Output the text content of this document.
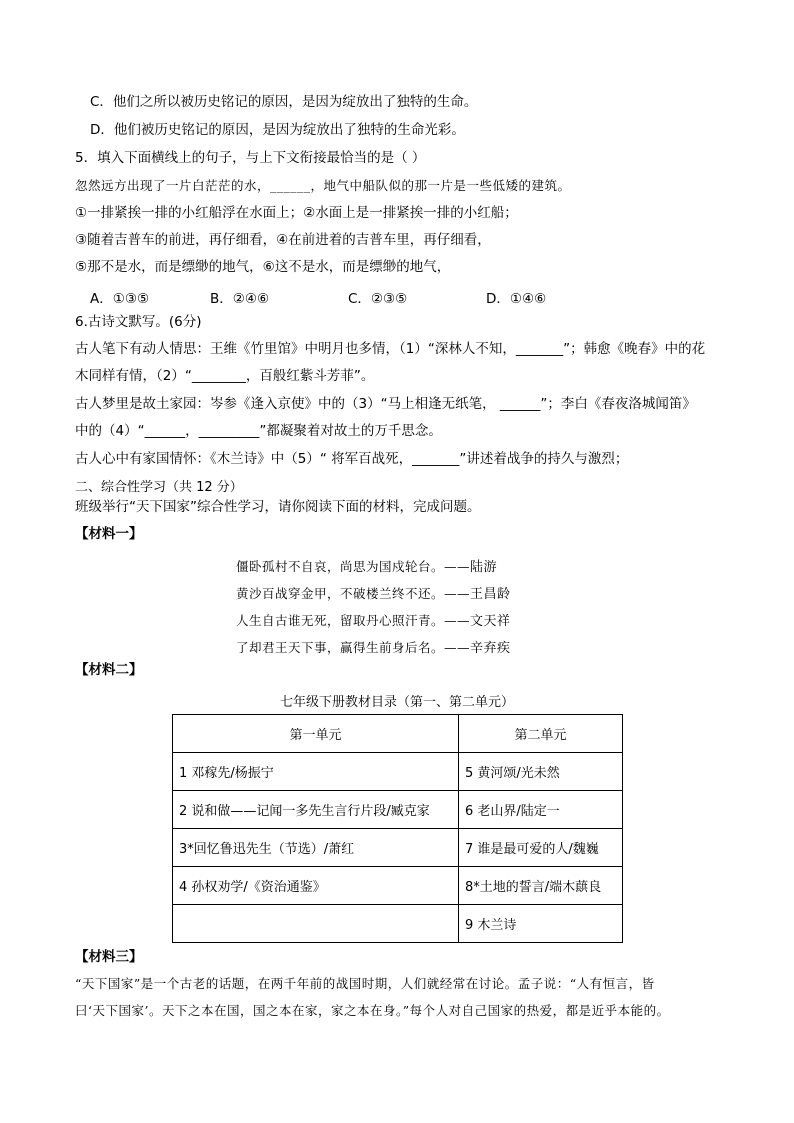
C．他们之所以被历史铭记的原因，是因为绽放出了独特的生命。
D．他们被历史铭记的原因，是因为绽放出了独特的生命光彩。
5．填入下面横线上的句子，与上下文衔接最恰当的是（ ）
忽然远方出现了一片白茫茫的水，______，地气中船队似的那一片是一些低矮的建筑。
①一排紧挨一排的小红船浮在水面上；②水面上是一排紧挨一排的小红船；
③随着吉普车的前进，再仔细看，④在前进着的吉普车里，再仔细看，
⑤那不是水，而是缥缈的地气，⑥这不是水，而是缥缈的地气，
A．①③⑤	B．②④⑥	C．②③⑤	D．①④⑥
6.古诗文默写。(6分)
古人笔下有动人情思：王维《竹里馆》中明月也多情，（1）“深林人不知，_______”；韩愈《晚春》中的花
木同样有情，（2）“________，百般红紫斗芳菲”。
古人梦里是故土家园：岑参《逢入京使》中的（3）“马上相逢无纸笔， ______”；李白《春夜洛城闻笛》
中的（4）“______，_________”都凝聚着对故土的万千思念。
古人心中有家国情怀：《木兰诗》中（5）“ 将军百战死，_______”讲述着战争的持久与激烈；
二、综合性学习（共 12 分）
班级举行“天下国家”综合性学习，请你阅读下面的材料，完成问题。
【材料一】
僵卧孤村不自哀，尚思为国戍轮台。——陆游
黄沙百战穿金甲，不破楼兰终不还。——王昌龄
人生自古谁无死，留取丹心照汗青。——文天祥
了却君王天下事，赢得生前身后名。——辛弃疾
【材料二】
七年级下册教材目录（第一、第二单元）
第一单元	第二单元
1 邓稼先/杨振宁	5 黄河颂/光未然
2 说和做——记闻一多先生言行片段/臧克家	6 老山界/陆定一
3*回忆鲁迅先生（节选）/萧红	7 谁是最可爱的人/魏巍
4 孙权劝学/《资治通鉴》	8*土地的誓言/端木蕻良
	9 木兰诗
【材料三】
“天下国家”是一个古老的话题，在两千年前的战国时期，人们就经常在讨论。孟子说：“人有恒言，皆
曰‘天下国家’。天下之本在国，国之本在家，家之本在身。”每个人对自己国家的热爱，都是近乎本能的。
